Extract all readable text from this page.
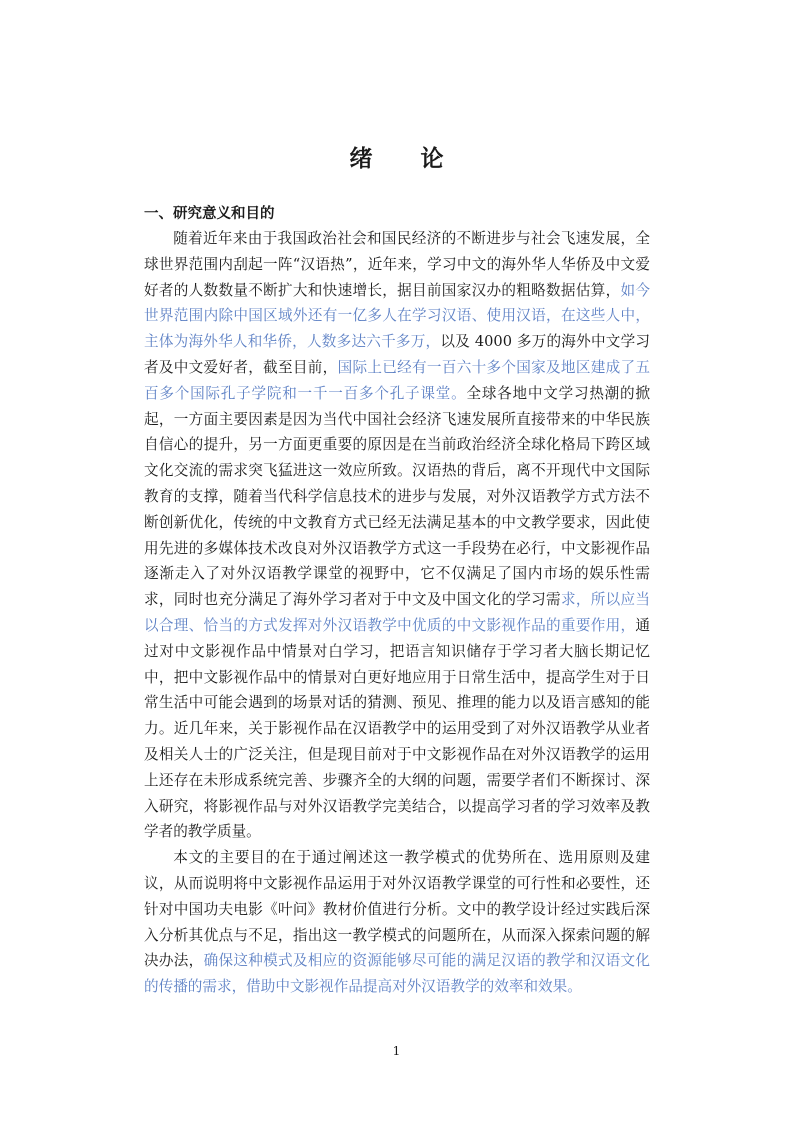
绪 论
一、研究意义和目的

随着近年来由于我国政治社会和国民经济的不断进步与社会飞速发展，全球世界范围内刮起一阵“汉语热”，近年来，学习中文的海外华人华侨及中文爱好者的人数数量不断扩大和快速增长，据目前国家汉办的粗略数据估算，如今世界范围内除中国区域外还有一亿多人在学习汉语、使用汉语，在这些人中，主体为海外华人和华侨，人数多达六千多万，以及 4000 多万的海外中文学习者及中文爱好者，截至目前，国际上已经有一百六十多个国家及地区建成了五百多个国际孔子学院和一千一百多个孔子课堂。全球各地中文学习热潮的掀起，一方面主要因素是因为当代中国社会经济飞速发展所直接带来的中华民族自信心的提升，另一方面更重要的原因是在当前政治经济全球化格局下跨区域文化交流的需求突飞猛进这一效应所致。汉语热的背后，离不开现代中文国际教育的支撑，随着当代科学信息技术的进步与发展，对外汉语教学方式方法不断创新优化，传统的中文教育方式已经无法满足基本的中文教学要求，因此使用先进的多媒体技术改良对外汉语教学方式这一手段势在必行，中文影视作品逐渐走入了对外汉语教学课堂的视野中，它不仅满足了国内市场的娱乐性需求，同时也充分满足了海外学习者对于中文及中国文化的学习需求，所以应当以合理、恰当的方式发挥对外汉语教学中优质的中文影视作品的重要作用，通过对中文影视作品中情景对白学习，把语言知识储存于学习者大脑长期记忆中，把中文影视作品中的情景对白更好地应用于日常生活中，提高学生对于日常生活中可能会遇到的场景对话的猜测、预见、推理的能力以及语言感知的能力。近几年来，关于影视作品在汉语教学中的运用受到了对外汉语教学从业者及相关人士的广泛关注，但是现目前对于中文影视作品在对外汉语教学的运用上还存在未形成系统完善、步骤齐全的大纲的问题，需要学者们不断探讨、深入研究，将影视作品与对外汉语教学完美结合，以提高学习者的学习效率及教学者的教学质量。

本文的主要目的在于通过阐述这一教学模式的优势所在、选用原则及建议，从而说明将中文影视作品运用于对外汉语教学课堂的可行性和必要性，还针对中国功夫电影《叶问》教材价值进行分析。文中的教学设计经过实践后深入分析其优点与不足，指出这一教学模式的问题所在，从而深入探索问题的解决办法，确保这种模式及相应的资源能够尽可能的满足汉语的教学和汉语文化的传播的需求，借助中文影视作品提高对外汉语教学的效率和效果。

1
